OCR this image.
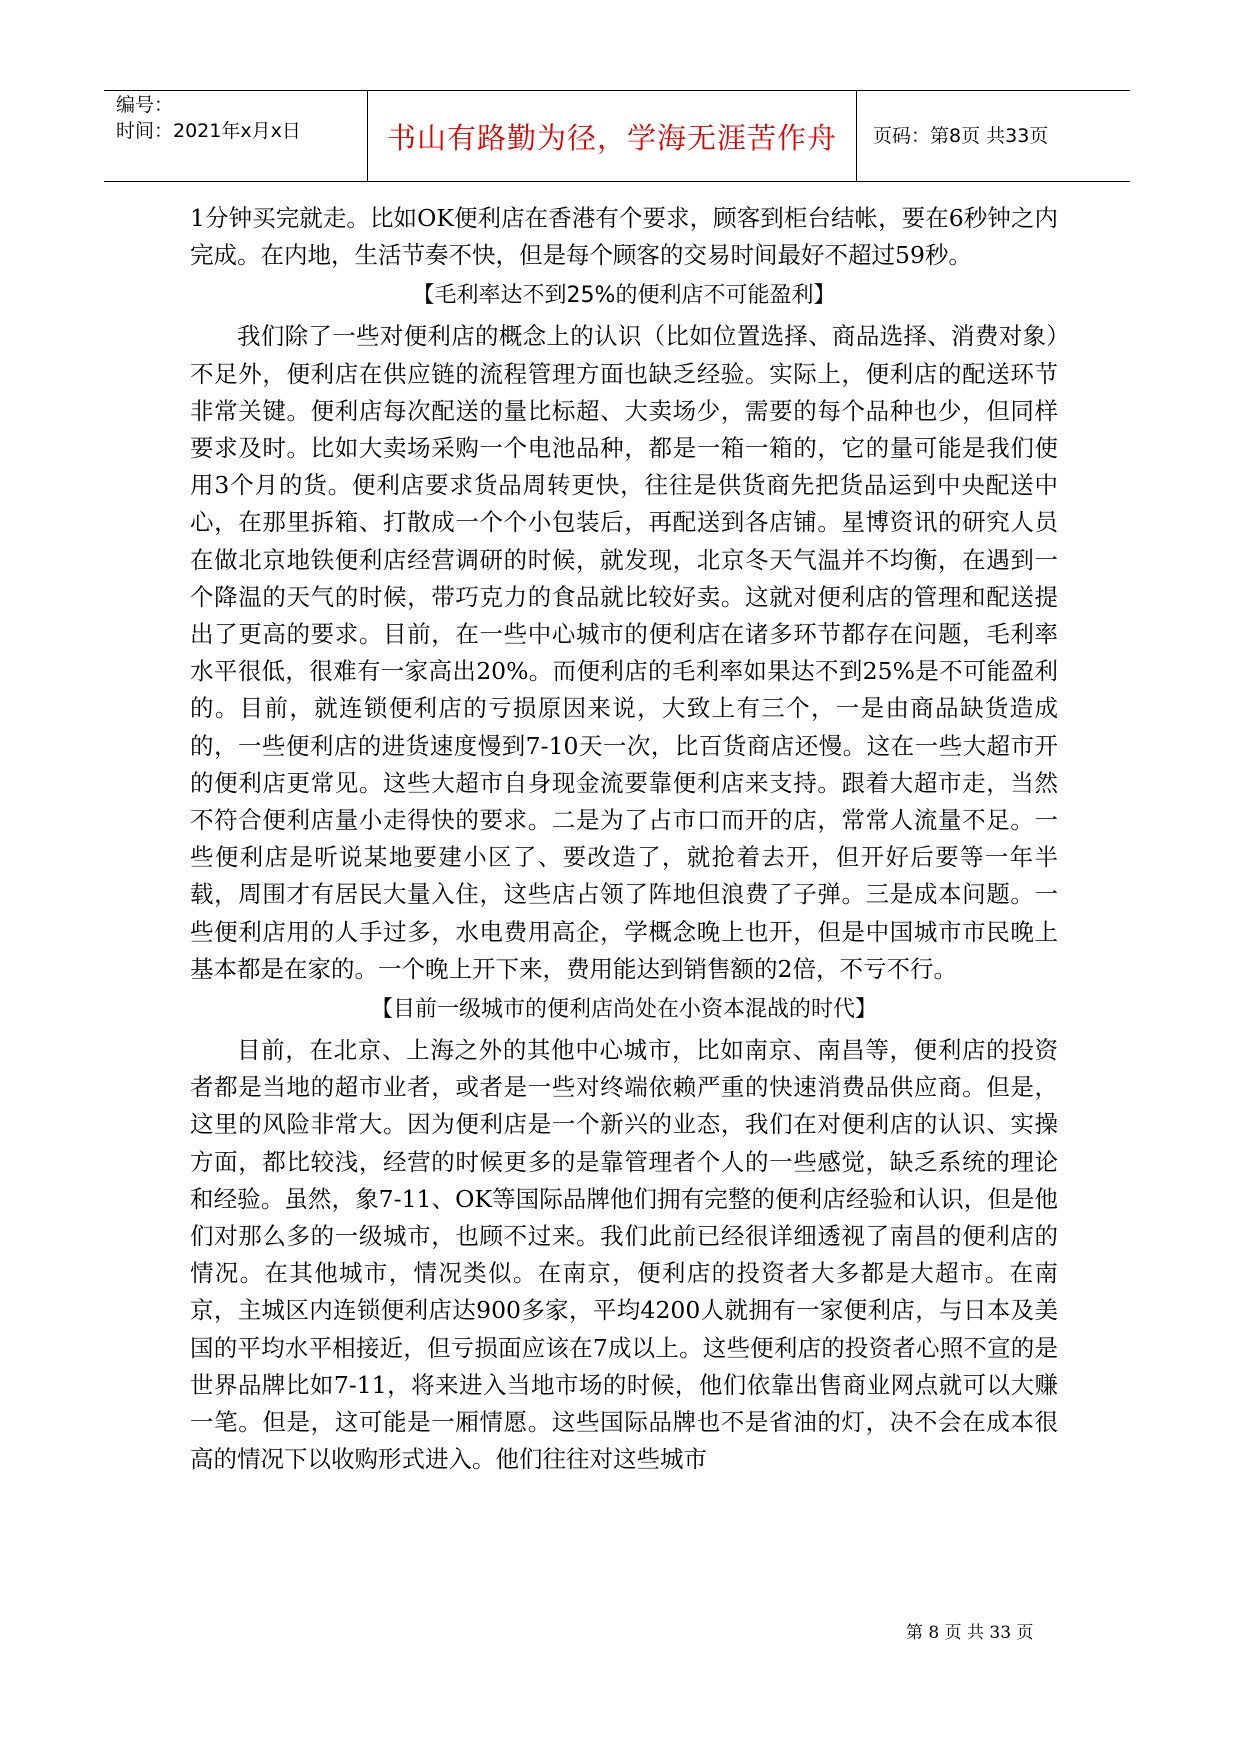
编号：
时间：2021年x月x日	书山有路勤为径，学海无涯苦作舟 页码：第8页 共33页

1分钟买完就走。比如OK便利店在香港有个要求，顾客到柜台结帐，要在6秒钟之内完成。在内地，生活节奏不快，但是每个顾客的交易时间最好不超过59秒。

【毛利率达不到25%的便利店不可能盈利】

我们除了一些对便利店的概念上的认识（比如位置选择、商品选择、消费对象）不足外，便利店在供应链的流程管理方面也缺乏经验。实际上，便利店的配送环节非常关键。便利店每次配送的量比标超、大卖场少，需要的每个品种也少，但同样要求及时。比如大卖场采购一个电池品种，都是一箱一箱的，它的量可能是我们使用3个月的货。便利店要求货品周转更快，往往是供货商先把货品运到中央配送中心，在那里拆箱、打散成一个个小包装后，再配送到各店铺。星博资讯的研究人员在做北京地铁便利店经营调研的时候，就发现，北京冬天气温并不均衡，在遇到一个降温的天气的时候，带巧克力的食品就比较好卖。这就对便利店的管理和配送提出了更高的要求。目前，在一些中心城市的便利店在诸多环节都存在问题，毛利率水平很低，很难有一家高出20%。而便利店的毛利率如果达不到25%是不可能盈利的。目前，就连锁便利店的亏损原因来说，大致上有三个，一是由商品缺货造成的，一些便利店的进货速度慢到7-10天一次，比百货商店还慢。这在一些大超市开的便利店更常见。这些大超市自身现金流要靠便利店来支持。跟着大超市走，当然不符合便利店量小走得快的要求。二是为了占市口而开的店，常常人流量不足。一些便利店是听说某地要建小区了、要改造了，就抢着去开，但开好后要等一年半载，周围才有居民大量入住，这些店占领了阵地但浪费了子弹。三是成本问题。一些便利店用的人手过多，水电费用高企，学概念晚上也开，但是中国城市市民晚上基本都是在家的。一个晚上开下来，费用能达到销售额的2倍，不亏不行。

【目前一级城市的便利店尚处在小资本混战的时代】

目前，在北京、上海之外的其他中心城市，比如南京、南昌等，便利店的投资者都是当地的超市业者，或者是一些对终端依赖严重的快速消费品供应商。但是，这里的风险非常大。因为便利店是一个新兴的业态，我们在对便利店的认识、实操方面，都比较浅，经营的时候更多的是靠管理者个人的一些感觉，缺乏系统的理论和经验。虽然，象7-11、OK等国际品牌他们拥有完整的便利店经验和认识，但是他们对那么多的一级城市，也顾不过来。我们此前已经很详细透视了南昌的便利店的情况。在其他城市，情况类似。在南京，便利店的投资者大多都是大超市。在南京，主城区内连锁便利店达900多家，平均4200人就拥有一家便利店，与日本及美国的平均水平相接近，但亏损面应该在7成以上。这些便利店的投资者心照不宣的是 世界品牌比如7-11，将来进入当地市场的时候，他们依靠出售商业网点就可以大赚一笔。但是，这可能是一厢情愿。这些国际品牌也不是省油的灯，决不会在成本很高的情况下以收购形式进入。他们往往对这些城市

第 8 页 共 33 页
